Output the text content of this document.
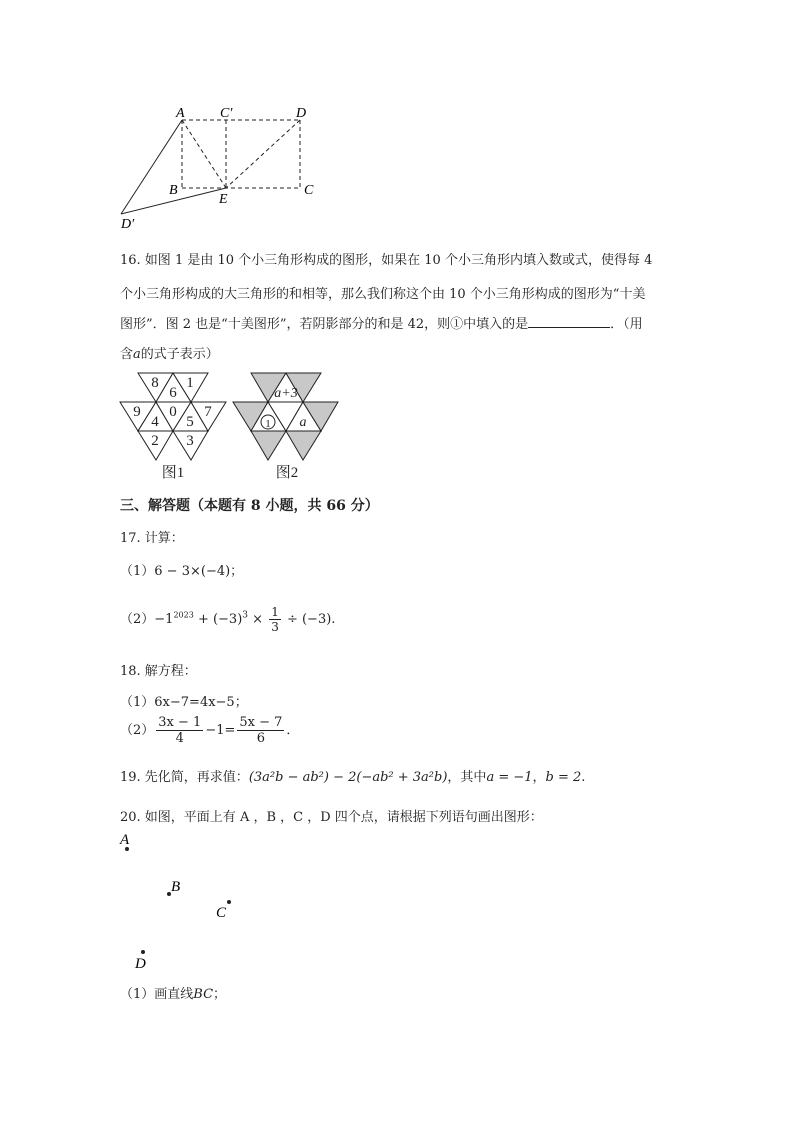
A	C′	D
B
E
C
D′
16. 如图 1 是由 10 个小三角形构成的图形，如果在 10 个小三角形内填入数或式，使得每 4
个小三角形构成的大三角形的和相等，那么我们称这个由 10 个小三角形构成的图形为“十美
图形”．图 2 也是“十美图形”，若阴影部分的和是 42，则①中填入的是	．（用
含a的式子表示）
8
6
1
9
4
0
5
7
2 3
图1
a+3
1 a
图2
三、解答题（本题有 8 小题，共 66 分）
17. 计算：
（1）6 − 3×(−4)；
$(2)-1^{2023} + (-3)^3 \times \frac{1}{3} \div (-3)$.
18. 解方程：
（1）6x−7=4x−5；
$(2) \frac{3x - 1}{4} -1= \frac{5x - 7}{6}$ ．
19. 先化简，再求值：(3a²b − ab²) − 2(−ab² + 3a²b)，其中a = −1，b = 2.
20. 如图，平面上有 A ，B ，C ，D 四个点，请根据下列语句画出图形：
A
B
C
D
（1）画直线BC；
